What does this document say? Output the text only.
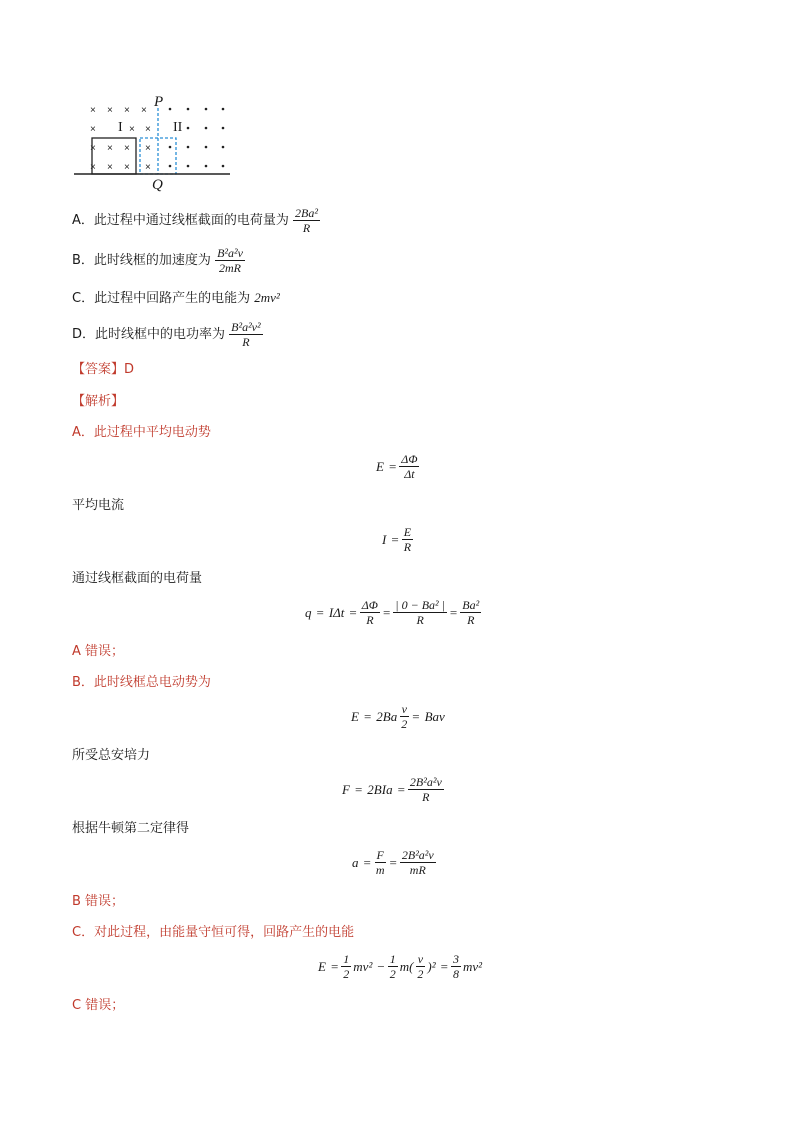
× × × ×
×	× ×
× × × ×
× × × ×
P
Q
I	II
A．此过程中通过线框截面的电荷量为 $\frac{\text{2Ba²}}{R}$
B．此时线框的加速度为 $\frac{\text{B²a²v}}{2mR}$
C．此过程中回路产生的电能为 2mv²
D．此时线框中的电功率为 $\frac{\text{B²a²v²}}{R}$
【答案】D
【解析】
A．此过程中平均电动势
$E = \frac{\Delta\Phi}{\Delta t}$
平均电流
$I = \frac{E}{R}$
通过线框截面的电荷量
$q = I\Delta t = \frac{\Delta\Phi}{R} = \frac{\text{| 0 − Ba² |}}{R} = \frac{\text{Ba²}}{R}$
A 错误；
B．此时线框总电动势为
$E = 2Ba \frac{v}{2}$ = Bav
所受总安培力
$F = 2BIa = \frac{\text{2B²a²v}}{R}$
根据牛顿第二定律得
$a = \frac{F}{m} = \frac{\text{2B²a²v}}{mR}$
B 错误；
C．对此过程，由能量守恒可得，回路产生的电能
$E = \frac{1}{2} mv^2 - \frac{1}{2} m( \frac{v}{2} )^2 = \frac{3}{8} mv^2$
C 错误；
